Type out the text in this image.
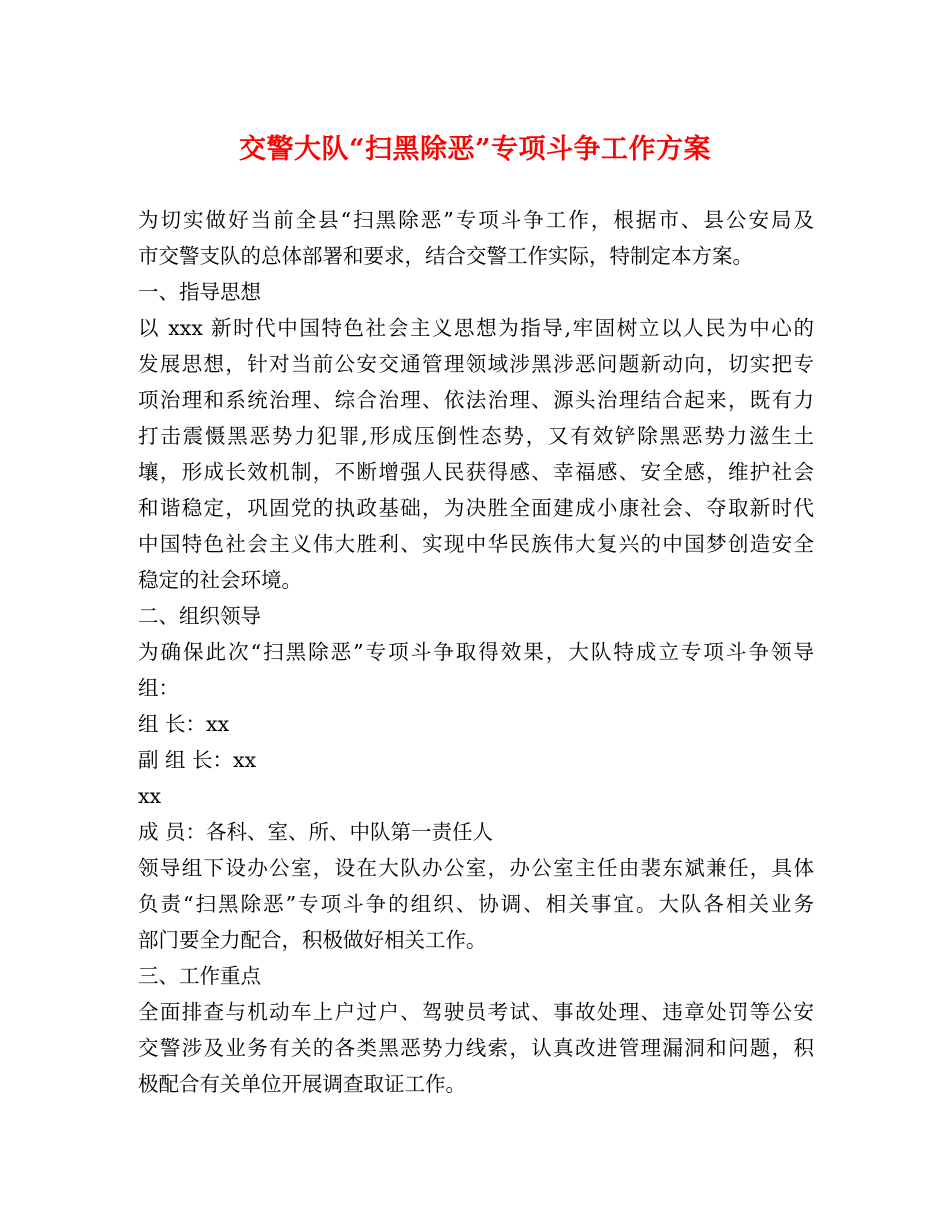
交警大队“扫黑除恶”专项斗争工作方案
为切实做好当前全县“扫黑除恶”专项斗争工作，根据市、县公安局及
市交警支队的总体部署和要求，结合交警工作实际，特制定本方案。
一、指导思想
以 xxx 新时代中国特色社会主义思想为指导,牢固树立以人民为中心的
发展思想，针对当前公安交通管理领域涉黑涉恶问题新动向，切实把专
项治理和系统治理、综合治理、依法治理、源头治理结合起来，既有力
打击震慑黑恶势力犯罪,形成压倒性态势，又有效铲除黑恶势力滋生土
壤，形成长效机制，不断增强人民获得感、幸福感、安全感，维护社会
和谐稳定，巩固党的执政基础，为决胜全面建成小康社会、夺取新时代
中国特色社会主义伟大胜利、实现中华民族伟大复兴的中国梦创造安全
稳定的社会环境。
二、组织领导
为确保此次“扫黑除恶”专项斗争取得效果，大队特成立专项斗争领导
组：
组 长：xx
副 组 长：xx
xx
成 员：各科、室、所、中队第一责任人
领导组下设办公室，设在大队办公室，办公室主任由裴东斌兼任，具体
负责“扫黑除恶”专项斗争的组织、协调、相关事宜。大队各相关业务
部门要全力配合，积极做好相关工作。
三、工作重点
全面排查与机动车上户过户、驾驶员考试、事故处理、违章处罚等公安
交警涉及业务有关的各类黑恶势力线索，认真改进管理漏洞和问题，积
极配合有关单位开展调查取证工作。
